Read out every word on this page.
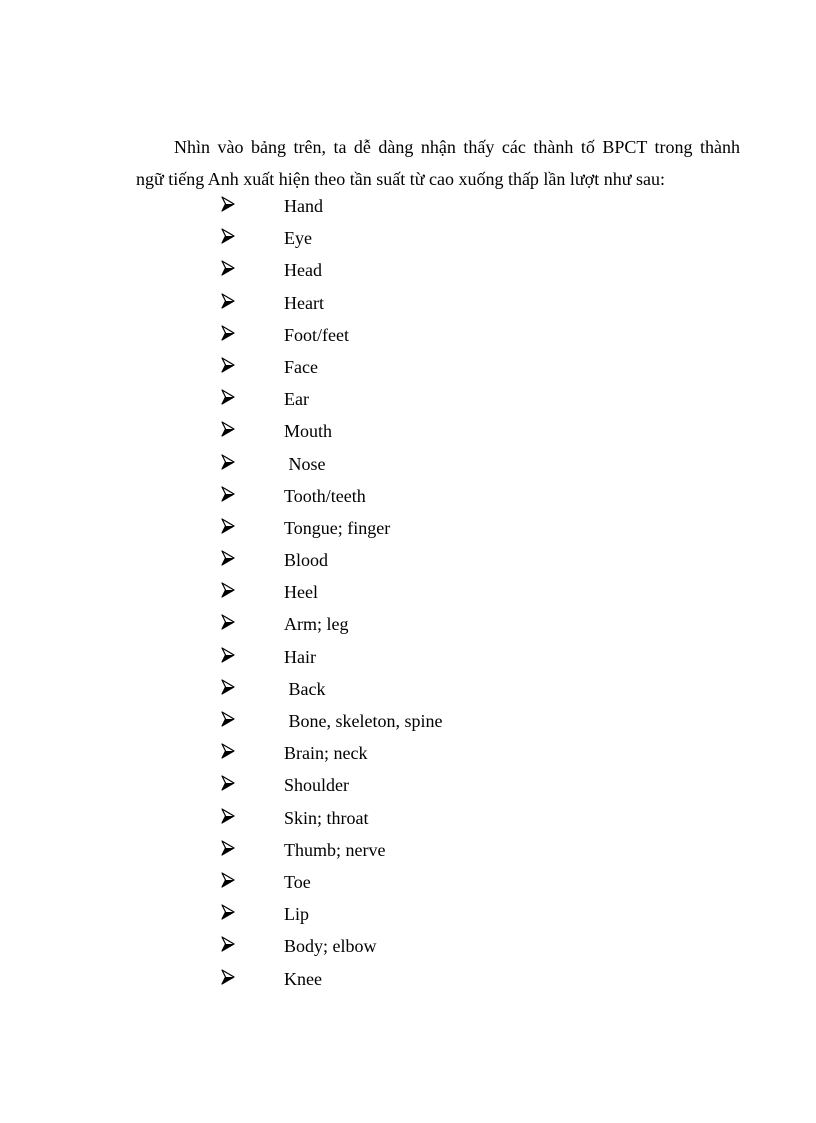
Nhìn vào bảng trên, ta dễ dàng nhận thấy các thành tố BPCT trong thành
ngữ tiếng Anh xuất hiện theo tần suất từ cao xuống thấp lần lượt như sau:

Hand
Eye
Head
Heart
Foot/feet
Face
Ear
Mouth
Nose
Tooth/teeth
Tongue; finger
Blood
Heel
Arm; leg
Hair
Back
Bone, skeleton, spine
Brain; neck
Shoulder
Skin; throat
Thumb; nerve
Toe
Lip
Body; elbow
Knee
